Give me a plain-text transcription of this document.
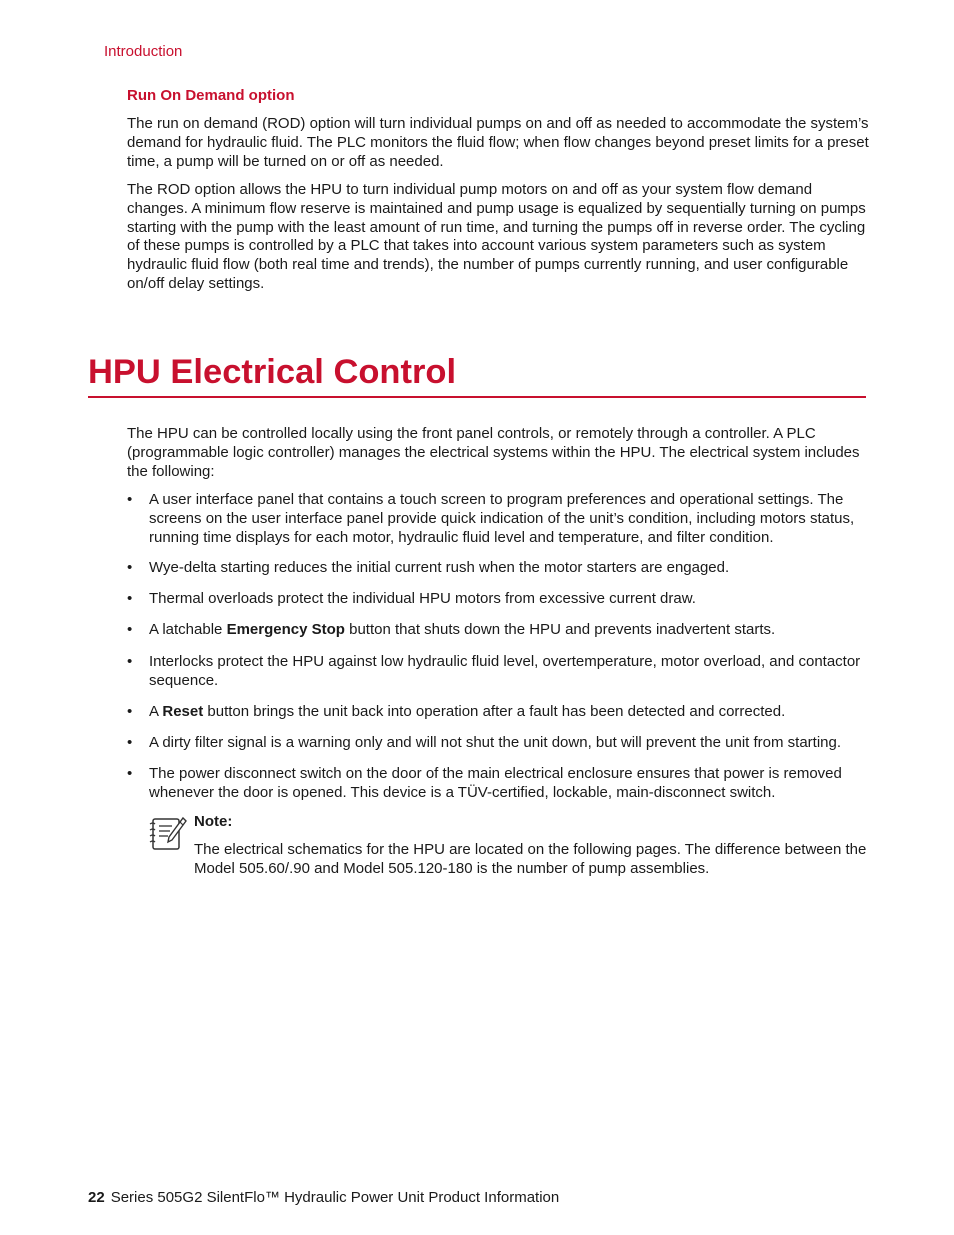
Introduction
Run On Demand option

The run on demand (ROD) option will turn individual pumps on and off as needed to accommodate the system’s demand for hydraulic fluid. The PLC monitors the fluid flow; when flow changes beyond preset limits for a preset time, a pump will be turned on or off as needed.

The ROD option allows the HPU to turn individual pump motors on and off as your system flow demand changes. A minimum flow reserve is maintained and pump usage is equalized by sequentially turning on pumps starting with the pump with the least amount of run time, and turning the pumps off in reverse order. The cycling of these pumps is controlled by a PLC that takes into account various system parameters such as system hydraulic fluid flow (both real time and trends), the number of pumps currently running, and user configurable on/off delay settings.

HPU Electrical Control

The HPU can be controlled locally using the front panel controls, or remotely through a controller. A PLC (programmable logic controller) manages the electrical systems within the HPU. The electrical system includes the following:

• A user interface panel that contains a touch screen to program preferences and operational settings. The screens on the user interface panel provide quick indication of the unit’s condition, including motors status, running time displays for each motor, hydraulic fluid level and temperature, and filter condition.
• Wye-delta starting reduces the initial current rush when the motor starters are engaged.
• Thermal overloads protect the individual HPU motors from excessive current draw.
• A latchable Emergency Stop button that shuts down the HPU and prevents inadvertent starts.
• Interlocks protect the HPU against low hydraulic fluid level, overtemperature, motor overload, and contactor sequence.
• A Reset button brings the unit back into operation after a fault has been detected and corrected.
• A dirty filter signal is a warning only and will not shut the unit down, but will prevent the unit from starting.
• The power disconnect switch on the door of the main electrical enclosure ensures that power is removed whenever the door is opened. This device is a TÜV-certified, lockable, main-disconnect switch.
Note:

The electrical schematics for the HPU are located on the following pages. The difference between the Model 505.60/.90 and Model 505.120-180 is the number of pump assemblies.

22 Series 505G2 SilentFlo™ Hydraulic Power Unit Product Information
